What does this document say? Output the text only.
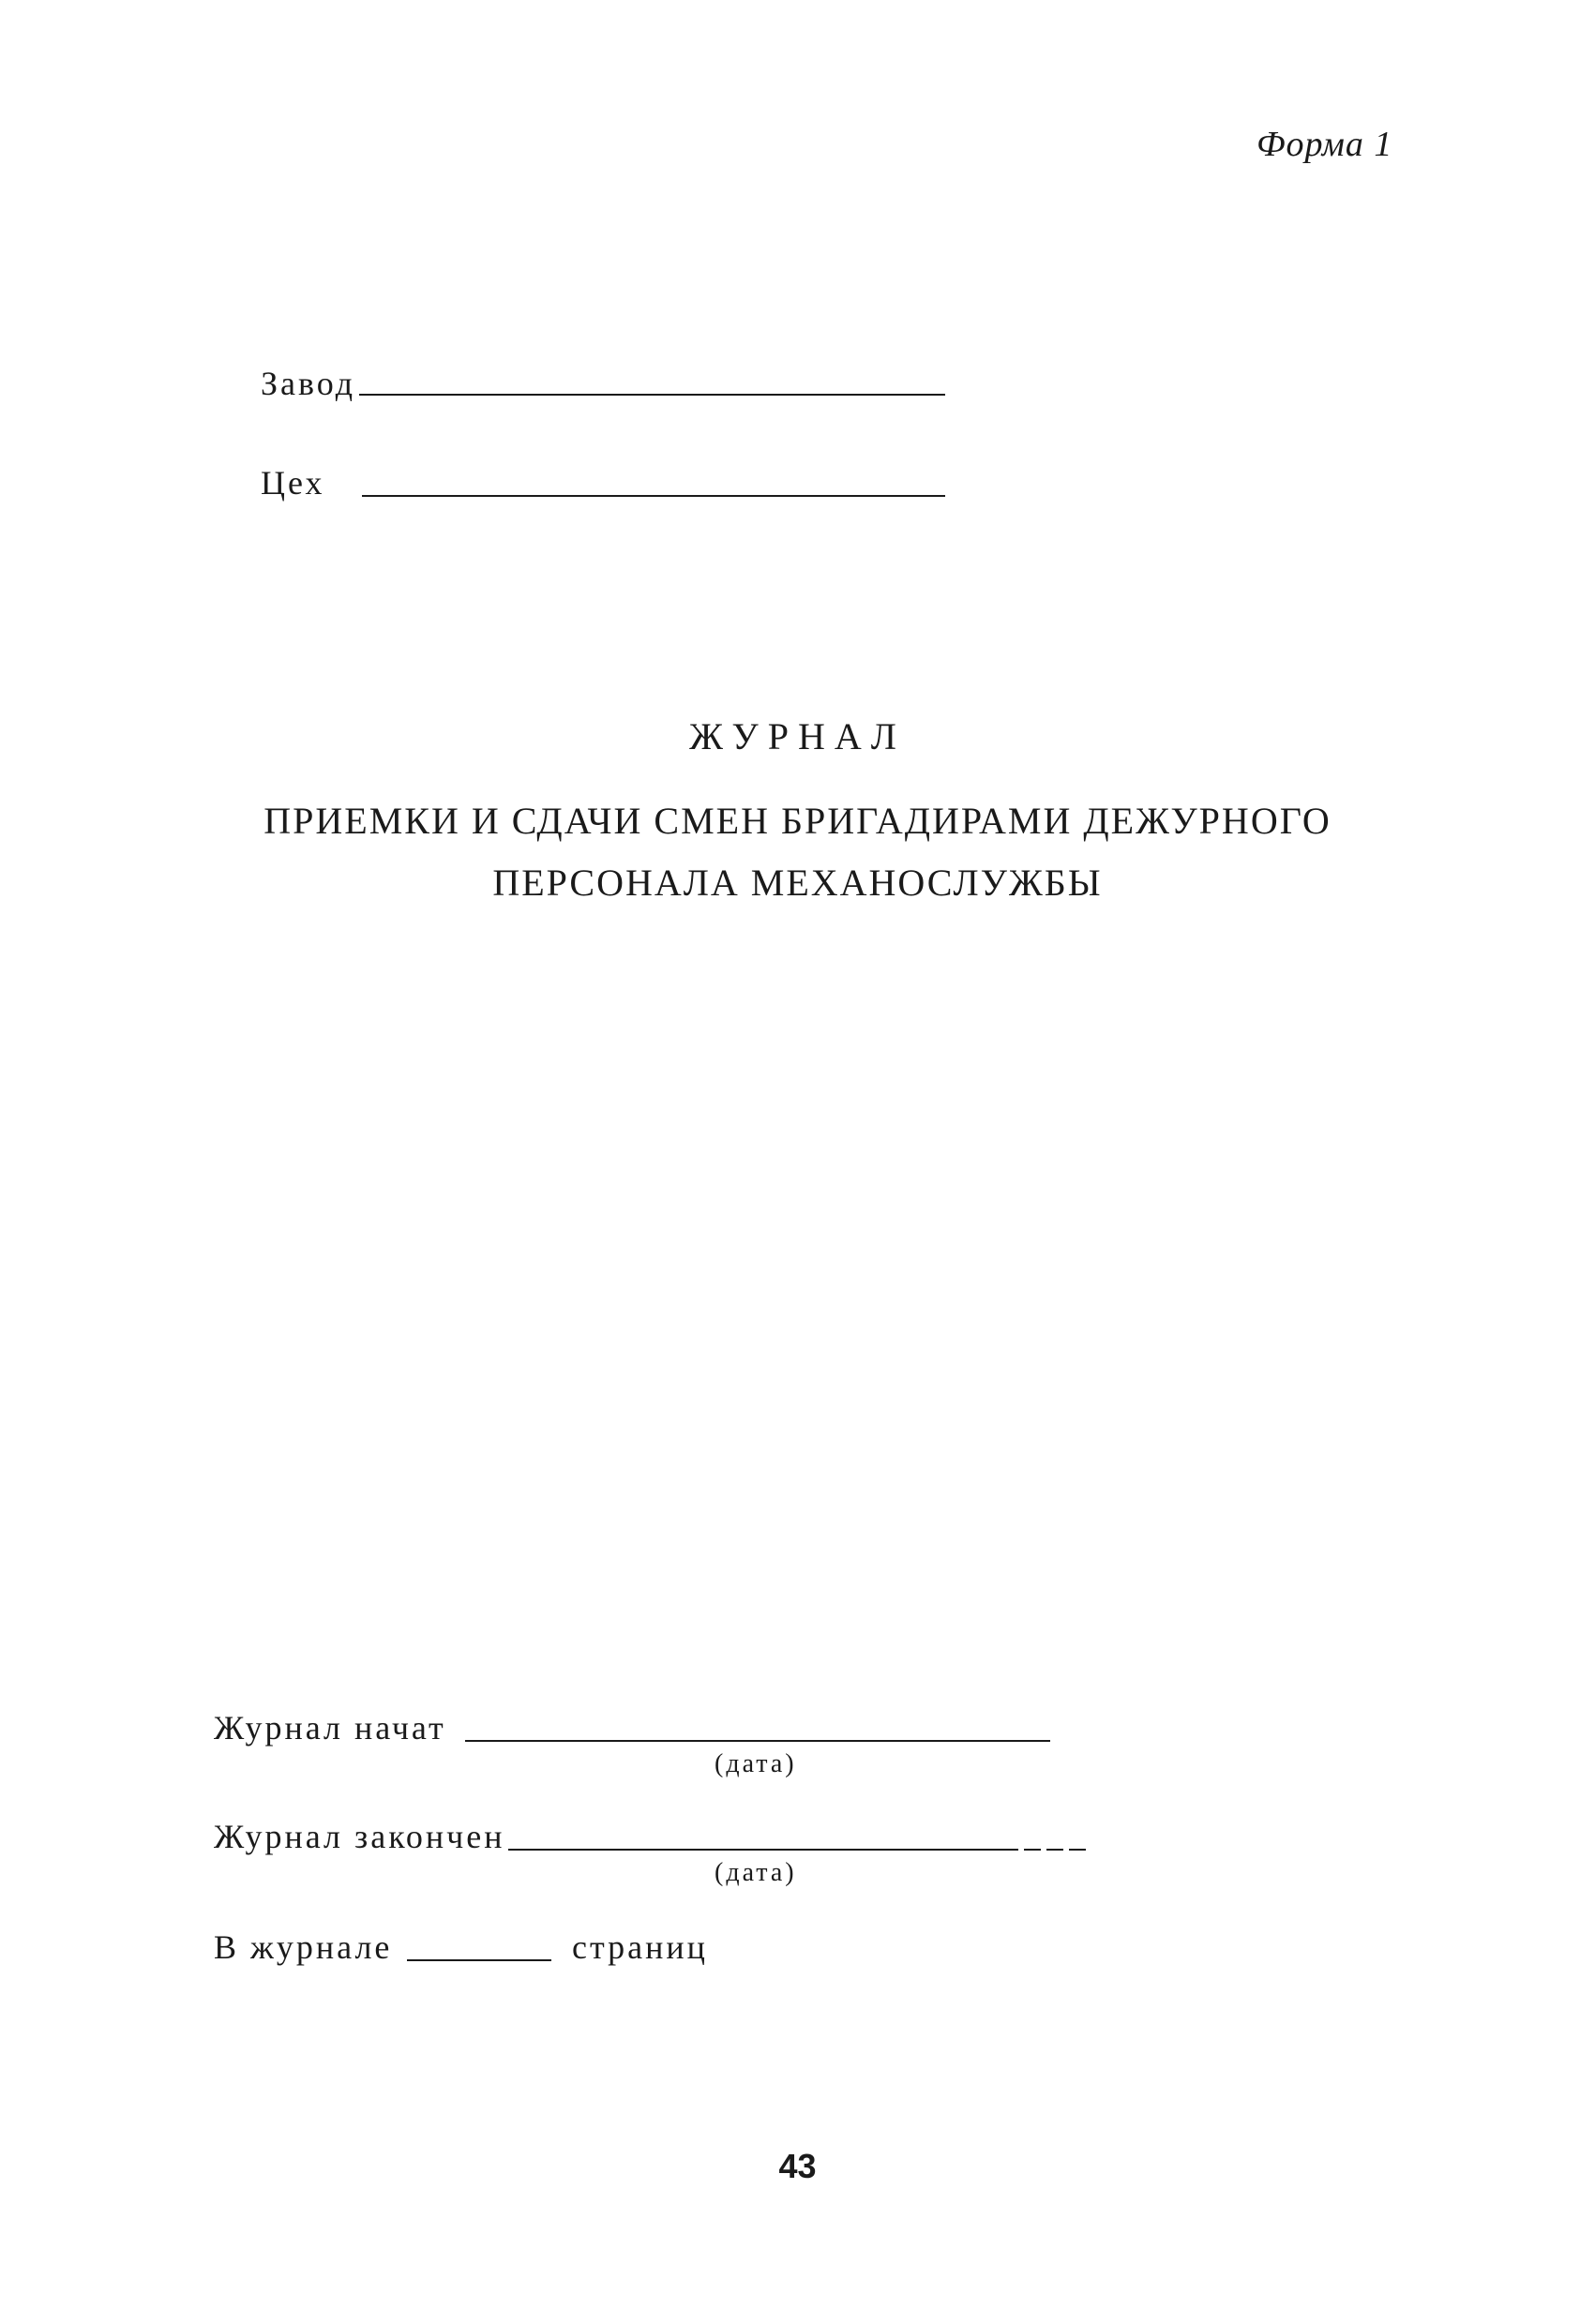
Форма 1
Завод
Цех
ЖУРНАЛ
ПРИЕМКИ И СДАЧИ СМЕН БРИГАДИРАМИ ДЕЖУРНОГО
ПЕРСОНАЛА МЕХАНОСЛУЖБЫ
Журнал начат
(дата)
Журнал закончен
(дата)
В журнале	страниц
43
